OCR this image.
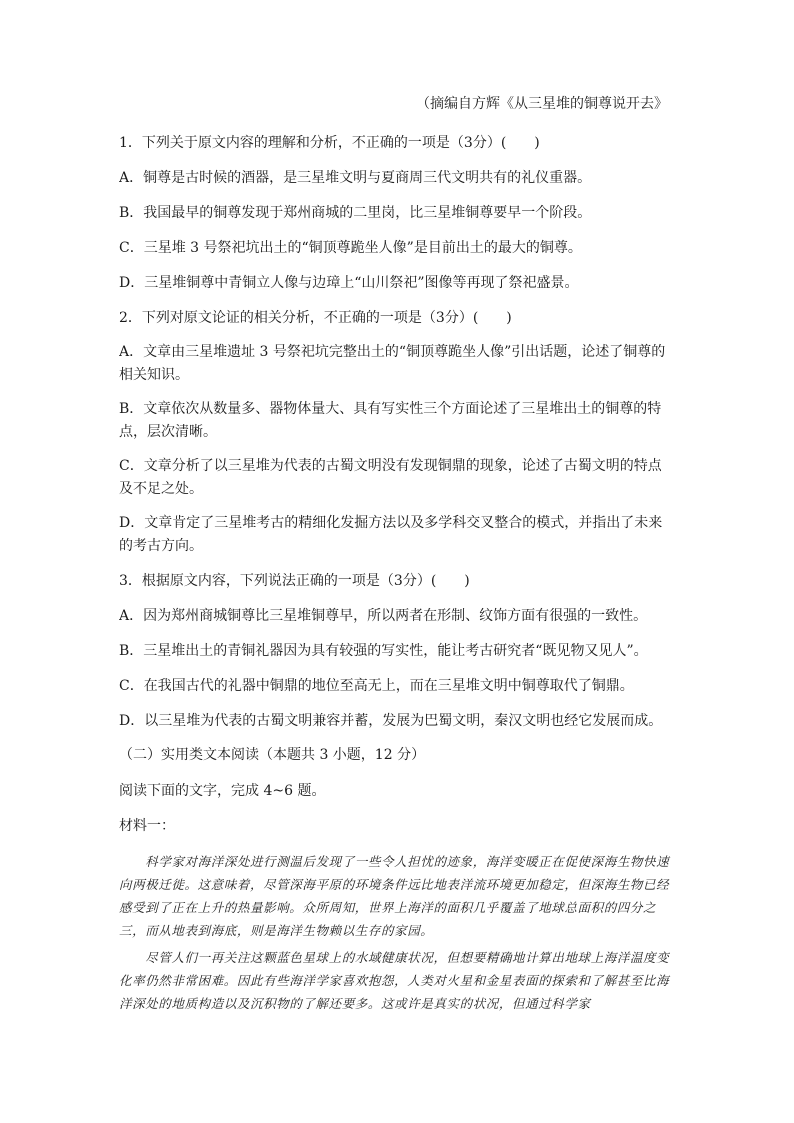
（摘编自方辉《从三星堆的铜尊说开去》
1．下列关于原文内容的理解和分析，不正确的一项是（3分）(　　)
A．铜尊是古时候的酒器，是三星堆文明与夏商周三代文明共有的礼仪重器。
B．我国最早的铜尊发现于郑州商城的二里岗，比三星堆铜尊要早一个阶段。
C．三星堆 3 号祭祀坑出土的“铜顶尊跪坐人像”是目前出土的最大的铜尊。
D．三星堆铜尊中青铜立人像与边璋上“山川祭祀”图像等再现了祭祀盛景。
2．下列对原文论证的相关分析，不正确的一项是（3分）(　　)
A．文章由三星堆遗址 3 号祭祀坑完整出土的“铜顶尊跪坐人像”引出话题，论述了铜尊的相关知识。
B．文章依次从数量多、器物体量大、具有写实性三个方面论述了三星堆出土的铜尊的特点，层次清晰。
C．文章分析了以三星堆为代表的古蜀文明没有发现铜鼎的现象，论述了古蜀文明的特点及不足之处。
D．文章肯定了三星堆考古的精细化发掘方法以及多学科交叉整合的模式，并指出了未来的考古方向。
3．根据原文内容，下列说法正确的一项是（3分）(　　)
A．因为郑州商城铜尊比三星堆铜尊早，所以两者在形制、纹饰方面有很强的一致性。
B．三星堆出土的青铜礼器因为具有较强的写实性，能让考古研究者“既见物又见人”。
C．在我国古代的礼器中铜鼎的地位至高无上，而在三星堆文明中铜尊取代了铜鼎。
D．以三星堆为代表的古蜀文明兼容并蓄，发展为巴蜀文明，秦汉文明也经它发展而成。
（二）实用类文本阅读（本题共 3 小题，12 分）
阅读下面的文字，完成 4~6 题。
材料一：
科学家对海洋深处进行测温后发现了一些令人担忧的迹象，海洋变暖正在促使深海生物快速向两极迁徙。这意味着，尽管深海平原的环境条件远比地表洋流环境更加稳定，但深海生物已经感受到了正在上升的热量影响。众所周知，世界上海洋的面积几乎覆盖了地球总面积的四分之三，而从地表到海底，则是海洋生物赖以生存的家园。
尽管人们一再关注这颗蓝色星球上的水域健康状况，但想要精确地计算出地球上海洋温度变化率仍然非常困难。因此有些海洋学家喜欢抱怨，人类对火星和金星表面的探索和了解甚至比海洋深处的地质构造以及沉积物的了解还要多。这或许是真实的状况，但通过科学家
